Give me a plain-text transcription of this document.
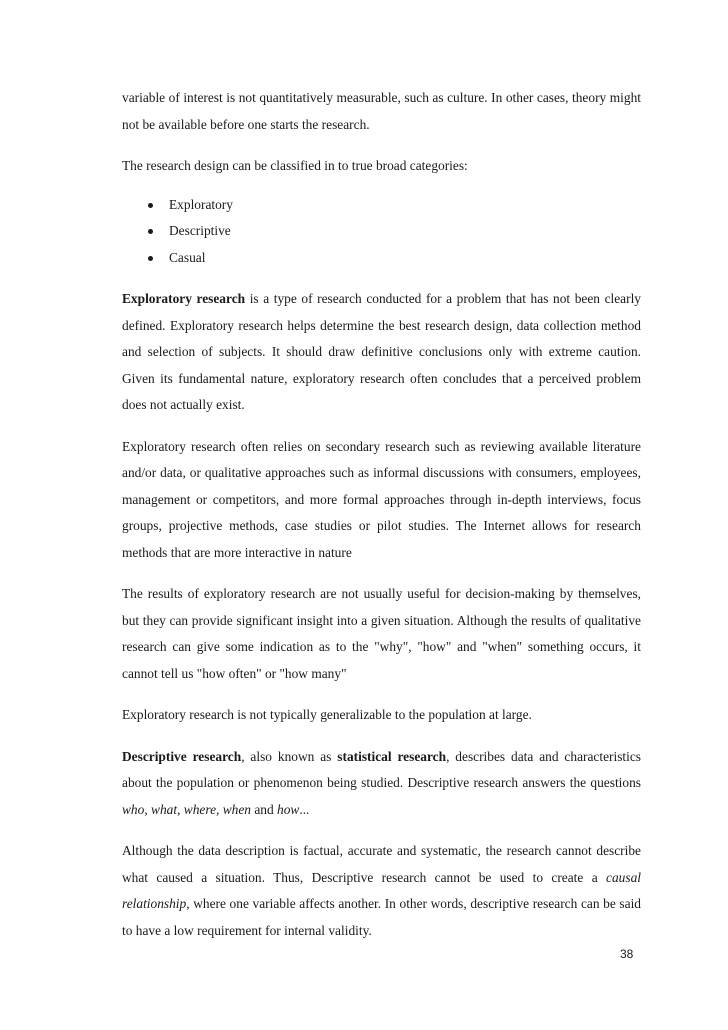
variable of interest is not quantitatively measurable, such as culture. In other cases, theory might not be available before one starts the research.

The research design can be classified in to true broad categories:

Exploratory
Descriptive
Casual

Exploratory research is a type of research conducted for a problem that has not been clearly defined. Exploratory research helps determine the best research design, data collection method and selection of subjects. It should draw definitive conclusions only with extreme caution. Given its fundamental nature, exploratory research often concludes that a perceived problem does not actually exist.

Exploratory research often relies on secondary research such as reviewing available literature and/or data, or qualitative approaches such as informal discussions with consumers, employees, management or competitors, and more formal approaches through in-depth interviews, focus groups, projective methods, case studies or pilot studies. The Internet allows for research methods that are more interactive in nature

The results of exploratory research are not usually useful for decision-making by themselves, but they can provide significant insight into a given situation. Although the results of qualitative research can give some indication as to the "why", "how" and "when" something occurs, it cannot tell us "how often" or "how many"

Exploratory research is not typically generalizable to the population at large.

Descriptive research, also known as statistical research, describes data and characteristics about the population or phenomenon being studied. Descriptive research answers the questions who, what, where, when and how...

Although the data description is factual, accurate and systematic, the research cannot describe what caused a situation. Thus, Descriptive research cannot be used to create a causal relationship, where one variable affects another. In other words, descriptive research can be said to have a low requirement for internal validity.

38
